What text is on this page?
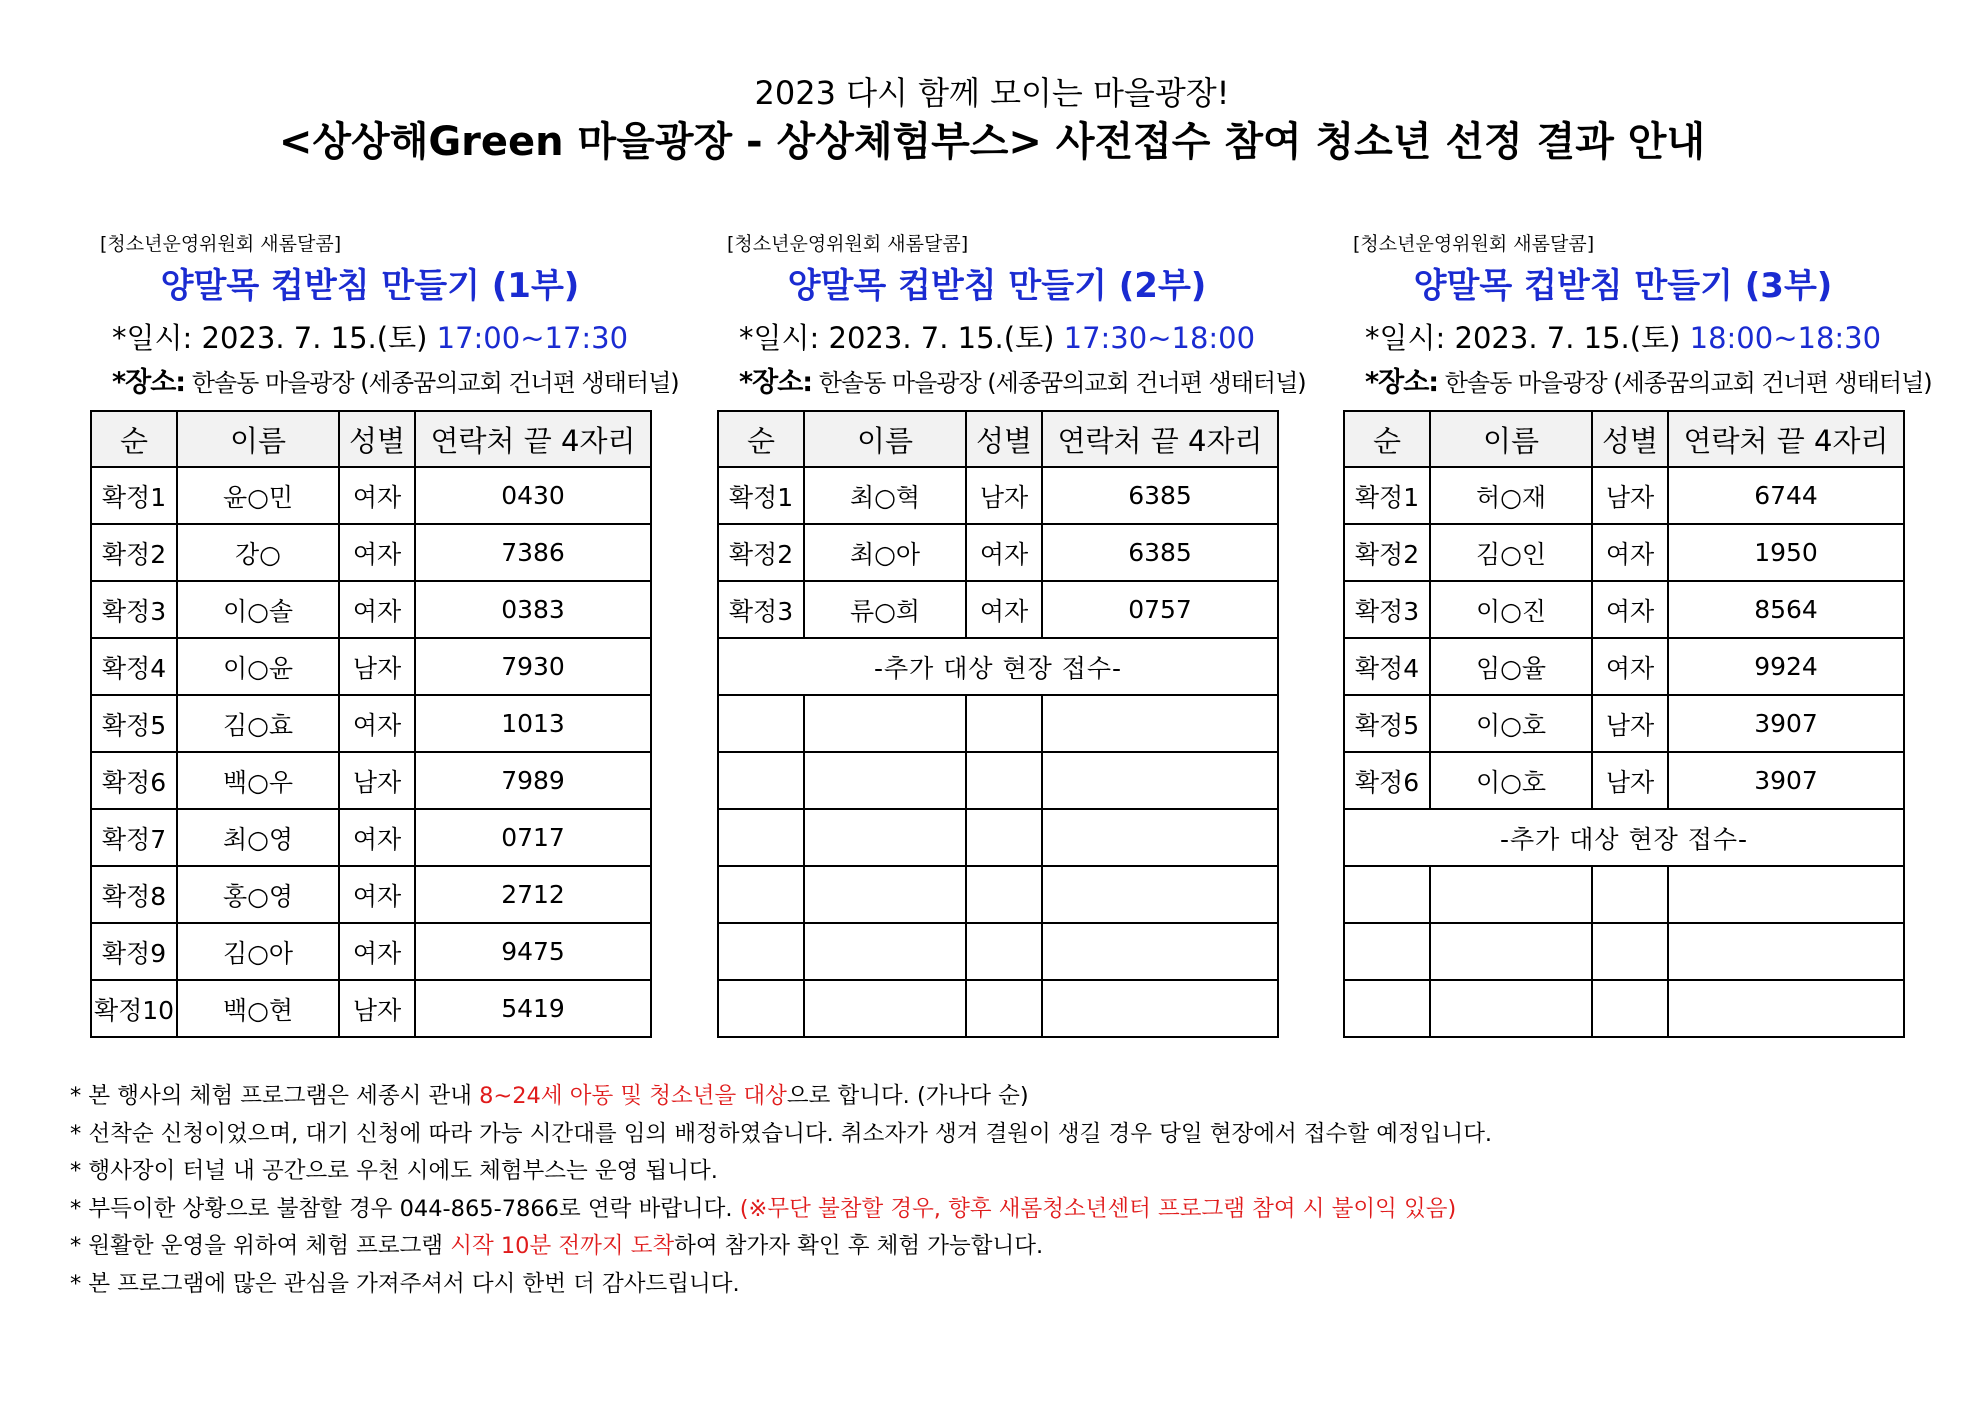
2023 다시 함께 모이는 마을광장!
<상상해Green 마을광장 - 상상체험부스> 사전접수 참여 청소년 선정 결과 안내
[청소년운영위원회 새롬달콤]
양말목 컵받침 만들기 (1부)
*일시: 2023. 7. 15.(토) 17:00~17:30
*장소: 한솔동 마을광장 (세종꿈의교회 건너편 생태터널)
순	이름	성별	연락처 끝 4자리
확정1	윤○민	여자	0430
확정2	강○	여자	7386
확정3	이○솔	여자	0383
확정4	이○윤	남자	7930
확정5	김○효	여자	1013
확정6	백○우	남자	7989
확정7	최○영	여자	0717
확정8	홍○영	여자	2712
확정9	김○아	여자	9475
확정10	백○현	남자	5419
[청소년운영위원회 새롬달콤]
양말목 컵받침 만들기 (2부)
*일시: 2023. 7. 15.(토) 17:30~18:00
*장소: 한솔동 마을광장 (세종꿈의교회 건너편 생태터널)
순	이름	성별	연락처 끝 4자리
확정1	최○혁	남자	6385
확정2	최○아	여자	6385
확정3	류○희	여자	0757
-추가 대상 현장 접수-			

[청소년운영위원회 새롬달콤]
양말목 컵받침 만들기 (3부)
*일시: 2023. 7. 15.(토) 18:00~18:30
*장소: 한솔동 마을광장 (세종꿈의교회 건너편 생태터널)
순	이름	성별	연락처 끝 4자리
확정1	허○재	남자	6744
확정2	김○인	여자	1950
확정3	이○진	여자	8564
확정4	임○율	여자	9924
확정5	이○호	남자	3907
확정6	이○호	남자	3907
-추가 대상 현장 접수-			

* 본 행사의 체험 프로그램은 세종시 관내 8~24세 아동 및 청소년을 대상으로 합니다. (가나다 순)
* 선착순 신청이었으며, 대기 신청에 따라 가능 시간대를 임의 배정하였습니다. 취소자가 생겨 결원이 생길 경우 당일 현장에서 접수할 예정입니다.
* 행사장이 터널 내 공간으로 우천 시에도 체험부스는 운영 됩니다.
* 부득이한 상황으로 불참할 경우 044-865-7866로 연락 바랍니다. (※무단 불참할 경우, 향후 새롬청소년센터 프로그램 참여 시 불이익 있음)
* 원활한 운영을 위하여 체험 프로그램 시작 10분 전까지 도착하여 참가자 확인 후 체험 가능합니다.
* 본 프로그램에 많은 관심을 가져주셔서 다시 한번 더 감사드립니다.
